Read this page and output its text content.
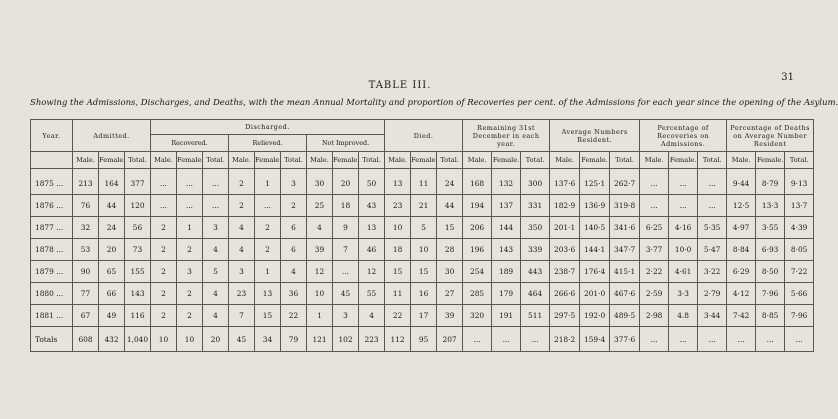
31
TABLE III.
Showing the Admissions, Discharges, and Deaths, with the mean Annual Mortality and proportion of Recoveries per cent. of the Admissions for each year since the opening of the Asylum.
Year.	Admitted.			Discharged.									Died.			Remaining 31st December in each year.			Average Numbers Resident.			Percentage of Recoveries on Admissions.			Percentage of Deaths on Average Number Resident		
				Recovered.			Relieved.			Not Improved.																	
	Male.	Female.	Total.	Male.	Female.	Total.	Male.	Female.	Total.	Male.	Female.	Total.	Male.	Female.	Total.	Male.	Female.	Total.	Male.	Female.	Total.	Male.	Female.	Total.	Male.	Female.	Total.
1875 ...	213	164	377	...	...	...	2	1	3	30	20	50	13	11	24	168	132	300	137·6	125·1	262·7	...	...	...	9·44	8·79	9·13
1876 ...	76	44	120	...	...	...	2	...	2	25	18	43	23	21	44	194	137	331	182·9	136·9	319·8	...	...	...	12·5	13·3	13·7
1877 ...	32	24	56	2	1	3	4	2	6	4	9	13	10	5	15	206	144	350	201·1	140·5	341·6	6·25	4·16	5·35	4·97	3·55	4·39
1878 ...	53	20	73	2	2	4	4	2	6	39	7	46	18	10	28	196	143	339	203·6	144·1	347·7	3·77	10·0	5·47	8·84	6·93	8·05
1879 ...	90	65	155	2	3	5	3	1	4	12	...	12	15	15	30	254	189	443	238·7	176·4	415·1	2·22	4·61	3·22	6·29	8·50	7·22
1880 ...	77	66	143	2	2	4	23	13	36	10	45	55	11	16	27	285	179	464	266·6	201·0	467·6	2·59	3·3	2·79	4·12	7·96	5·66
1881 ...	67	49	116	2	2	4	7	15	22	1	3	4	22	17	39	320	191	511	297·5	192·0	489·5	2·98	4.8	3·44	7·42	8·85	7·96
Totals	608	432	1,040	10	10	20	45	34	79	121	102	223	112	95	207	...	...	...	218·2	159·4	377·6	...	...	...	...	...	...
